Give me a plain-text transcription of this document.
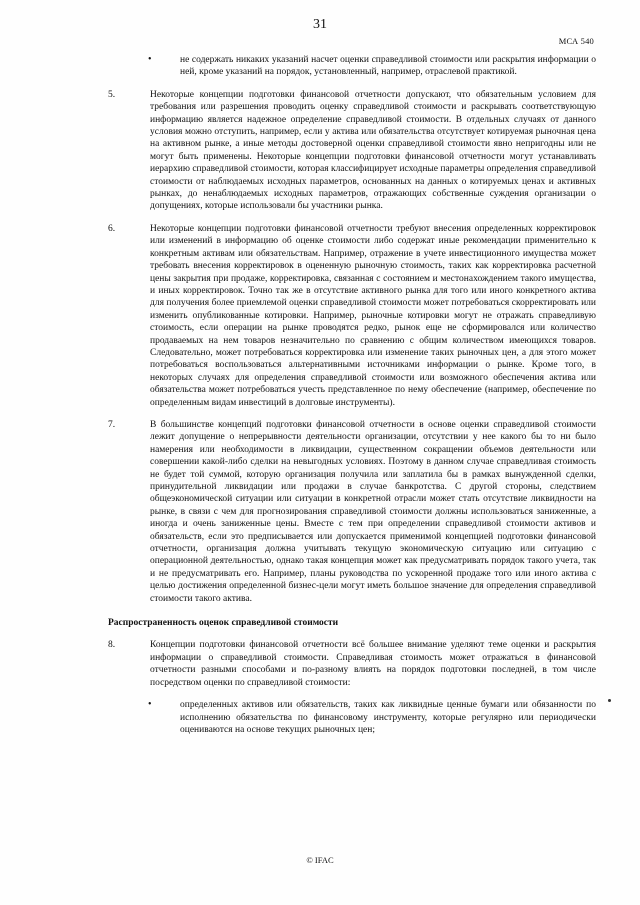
31
МСА 540
•	не содержать никаких указаний насчет оценки справедливой стоимости или раскрытия информации о ней, кроме указаний на порядок, установленный, например, отраслевой практикой.

5.	Некоторые концепции подготовки финансовой отчетности допускают, что обязательным условием для требования или разрешения проводить оценку справедливой стоимости и раскрывать соответствующую информацию является надежное определение справедливой стоимости. В отдельных случаях от данного условия можно отступить, например, если у актива или обязательства отсутствует котируемая рыночная цена на активном рынке, а иные методы достоверной оценки справедливой стоимости явно непригодны или не могут быть применены. Некоторые концепции подготовки финансовой отчетности могут устанавливать иерархию справедливой стоимости, которая классифицирует исходные параметры определения справедливой стоимости от наблюдаемых исходных параметров, основанных на данных о котируемых ценах и активных рынках, до ненаблюдаемых исходных параметров, отражающих собственные суждения организации о допущениях, которые использовали бы участники рынка.

6.	Некоторые концепции подготовки финансовой отчетности требуют внесения определенных корректировок или изменений в информацию об оценке стоимости либо содержат иные рекомендации применительно к конкретным активам или обязательствам. Например, отражение в учете инвестиционного имущества может требовать внесения корректировок в оцененную рыночную стоимость, таких как корректировка расчетной цены закрытия при продаже, корректировка, связанная с состоянием и местонахождением такого имущества, и иных корректировок. Точно так же в отсутствие активного рынка для того или иного конкретного актива для получения более приемлемой оценки справедливой стоимости может потребоваться скорректировать или изменить опубликованные котировки. Например, рыночные котировки могут не отражать справедливую стоимость, если операции на рынке проводятся редко, рынок еще не сформировался или количество продаваемых на нем товаров незначительно по сравнению с общим количеством имеющихся товаров. Следовательно, может потребоваться корректировка или изменение таких рыночных цен, а для этого может потребоваться воспользоваться альтернативными источниками информации о рынке. Кроме того, в некоторых случаях для определения справедливой стоимости или возможного обеспечения актива или обязательства может потребоваться учесть представленное по нему обеспечение (например, обеспечение по определенным видам инвестиций в долговые инструменты).

7.	В большинстве концепций подготовки финансовой отчетности в основе оценки справедливой стоимости лежит допущение о непрерывности деятельности организации, отсутствии у нее какого бы то ни было намерения или необходимости в ликвидации, существенном сокращении объемов деятельности или совершении какой-либо сделки на невыгодных условиях. Поэтому в данном случае справедливая стоимость не будет той суммой, которую организация получила или заплатила бы в рамках вынужденной сделки, принудительной ликвидации или продажи в случае банкротства. С другой стороны, следствием общеэкономической ситуации или ситуации в конкретной отрасли может стать отсутствие ликвидности на рынке, в связи с чем для прогнозирования справедливой стоимости должны использоваться заниженные, а иногда и очень заниженные цены. Вместе с тем при определении справедливой стоимости активов и обязательств, если это предписывается или допускается применимой концепцией подготовки финансовой отчетности, организация должна учитывать текущую экономическую ситуацию или ситуацию с операционной деятельностью, однако такая концепция может как предусматривать порядок такого учета, так и не предусматривать его. Например, планы руководства по ускоренной продаже того или иного актива с целью достижения определенной бизнес-цели могут иметь большое значение для определения справедливой стоимости такого актива.

Распространенность оценок справедливой стоимости

8.	Концепции подготовки финансовой отчетности всё большее внимание уделяют теме оценки и раскрытия информации о справедливой стоимости. Справедливая стоимость может отражаться в финансовой отчетности разными способами и по-разному влиять на порядок подготовки последней, в том числе посредством оценки по справедливой стоимости:

•	определенных активов или обязательств, таких как ликвидные ценные бумаги или обязанности по исполнению обязательства по финансовому инструменту, которые регулярно или периодически оцениваются на основе текущих рыночных цен;

© IFAC
